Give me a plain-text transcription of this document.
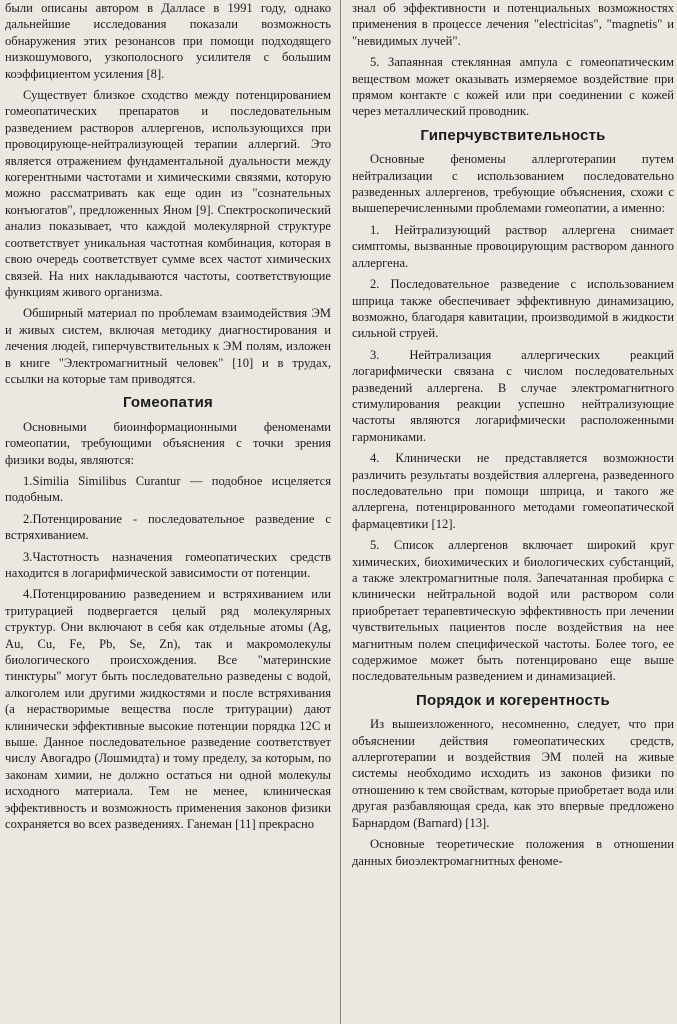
были описаны автором в Далласе в 1991 году, однако дальнейшие исследования показали возможность обнаружения этих резонансов при помощи подходящего низкошумового, узкополосного усилителя с большим коэффициентом усиления [8].

Существует близкое сходство между потенцированием гомеопатических препаратов и последовательным разведением растворов аллергенов, использующихся при провоцирующе-нейтрализующей терапии аллергий. Это является отражением фундаментальной дуальности между когерентными частотами и химическими связями, которую можно рассматривать как еще один из "сознательных конъюгатов", предложенных Яном [9]. Спектроскопический анализ показывает, что каждой молекулярной структуре соответствует уникальная частотная комбинация, которая в свою очередь соответствует сумме всех частот химических связей. На них накладываются частоты, соответствующие функциям живого организма.

Обширный материал по проблемам взаимодействия ЭМ и живых систем, включая методику диагностирования и лечения людей, гиперчувствительных к ЭМ полям, изложен в книге "Электромагнитный человек" [10] и в трудах, ссылки на которые там приводятся.

Гомеопатия

Основными биоинформационными феноменами гомеопатии, требующими объяснения с точки зрения физики воды, являются:

1.Similia Similibus Curantur — подобное исцеляется подобным.

2.Потенцирование - последовательное разведение с встряхиванием.

3.Частотность назначения гомеопатических средств находится в логарифмической зависимости от потенции.

4.Потенцированию разведением и встряхиванием или тритурацией подвергается целый ряд молекулярных структур. Они включают в себя как отдельные атомы (Ag, Au, Cu, Fe, Pb, Se, Zn), так и макромолекулы биологического происхождения. Все "материнские тинктуры" могут быть последовательно разведены с водой, алкоголем или другими жидкостями и после встряхивания (а нерастворимые вещества после тритурации) дают клинически эффективные высокие потенции порядка 12С и выше. Данное последовательное разведение соответствует числу Авогадро (Лошмидта) и тому пределу, за которым, по законам химии, не должно остаться ни одной молекулы исходного материала. Тем не менее, клиническая эффективность и возможность применения законов физики сохраняется во всех разведениях. Ганеман [11] прекрасно

знал об эффективности и потенциальных возможностях применения в процессе лечения "electricitas", "magnetis" и "невидимых лучей".

5. Запаянная стеклянная ампула с гомеопатическим веществом может оказывать измеряемое воздействие при прямом контакте с кожей или при соединении с кожей через металлический проводник.

Гиперчувствительность

Основные феномены аллерготерапии путем нейтрализации с использованием последовательно разведенных аллергенов, требующие объяснения, схожи с вышеперечисленными проблемами гомеопатии, а именно:

1. Нейтрализующий раствор аллергена снимает симптомы, вызванные провоцирующим раствором данного аллергена.

2. Последовательное разведение с использованием шприца также обеспечивает эффективную динамизацию, возможно, благодаря кавитации, производимой в жидкости сильной струей.

3. Нейтрализация аллергических реакций логарифмически связана с числом последовательных разведений аллергена. В случае электромагнитного стимулирования реакции успешно нейтрализующие частоты являются логарифмически расположенными гармониками.

4. Клинически не представляется возможности различить результаты воздействия аллергена, разведенного последовательно при помощи шприца, и такого же аллергена, потенцированного методами гомеопатической фармацевтики [12].

5. Список аллергенов включает широкий круг химических, биохимических и биологических субстанций, а также электромагнитные поля. Запечатанная пробирка с клинически нейтральной водой или раствором соли приобретает терапевтическую эффективность при лечении чувствительных пациентов после воздействия на нее магнитным полем специфической частоты. Более того, ее содержимое может быть потенцировано еще выше последовательным разведением и динамизацией.

Порядок и когерентность

Из вышеизложенного, несомненно, следует, что при объяснении действия гомеопатических средств, аллерготерапии и воздействия ЭМ полей на живые системы необходимо исходить из законов физики по отношению к тем свойствам, которые приобретает вода или другая разбавляющая среда, как это впервые предложено Барнардом (Barnard) [13].

Основные теоретические положения в отношении данных биоэлектромагнитных феноме-
